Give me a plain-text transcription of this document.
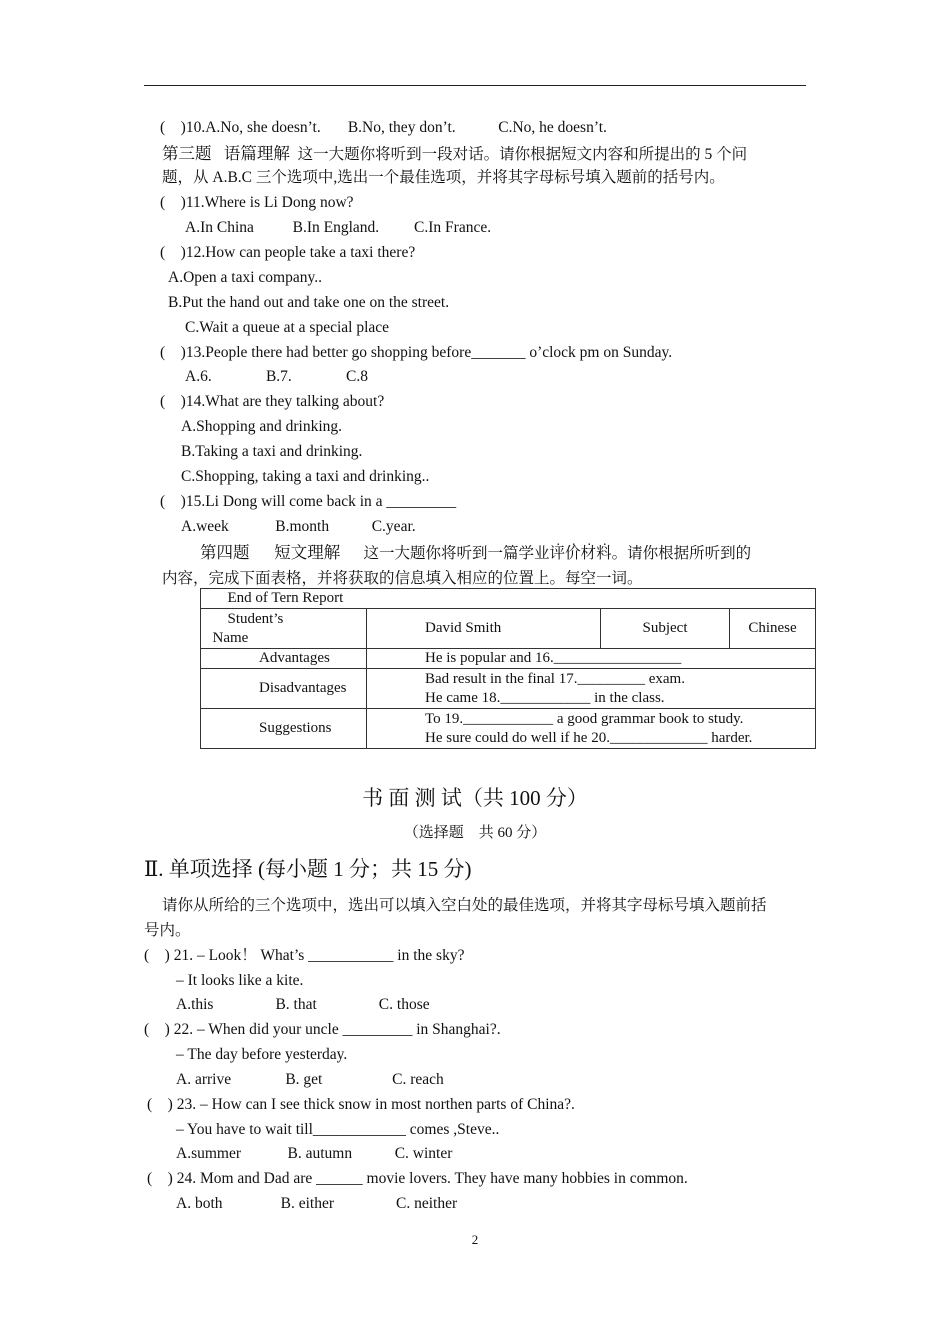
(    )10.A.No, she doesn’t.       B.No, they don’t.           C.No, he doesn’t.
第三题   语篇理解 这一大题你将听到一段对话。请你根据短文内容和所提出的 5 个问
题，从 A.B.C 三个选项中,选出一个最佳选项，并将其字母标号填入题前的括号内。
(    )11.Where is Li Dong now?
A.In China          B.In England.         C.In France.
(    )12.How can people take a taxi there?
A.Open a taxi company..
B.Put the hand out and take one on the street.
C.Wait a queue at a special place
(    )13.People there had better go shopping before_______ o’clock pm on Sunday.
A.6.              B.7.              C.8
(    )14.What are they talking about?
A.Shopping and drinking.
B.Taking a taxi and drinking.
C.Shopping, taking a taxi and drinking..
(    )15.Li Dong will come back in a _________
A.week            B.month           C.year.
第四题      短文理解 这一大题你将听到一篇学业评价材料。请你根据所听到的
内容，完成下面表格，并将获取的信息填入相应的位置上。每空一词。
End of Tern Report			
Student’s
Name	David Smith	Subject	Chinese
Advantages	He is popular and 16._________________		
Disadvantages	Bad result in the final 17._________ exam.
He came 18.____________ in the class.		
Suggestions	To 19.____________ a good grammar book to study.
He sure could do well if he 20._____________ harder.		
书 面 测 试（共 100 分）
（选择题    共 60 分）
Ⅱ. 单项选择 (每小题 1 分；共 15 分)
请你从所给的三个选项中，选出可以填入空白处的最佳选项，并将其字母标号填入题前括
号内。
(    ) 21. – Look！ What’s ___________ in the sky?
– It looks like a kite.
A.this                B. that                C. those
(    ) 22. – When did your uncle _________ in Shanghai?.
– The day before yesterday.
A. arrive              B. get                  C. reach
(    ) 23. – How can I see thick snow in most northen parts of China?.
– You have to wait till____________ comes ,Steve..
A.summer            B. autumn           C. winter
(    ) 24. Mom and Dad are ______ movie lovers. They have many hobbies in common.
A. both               B. either                C. neither
2
